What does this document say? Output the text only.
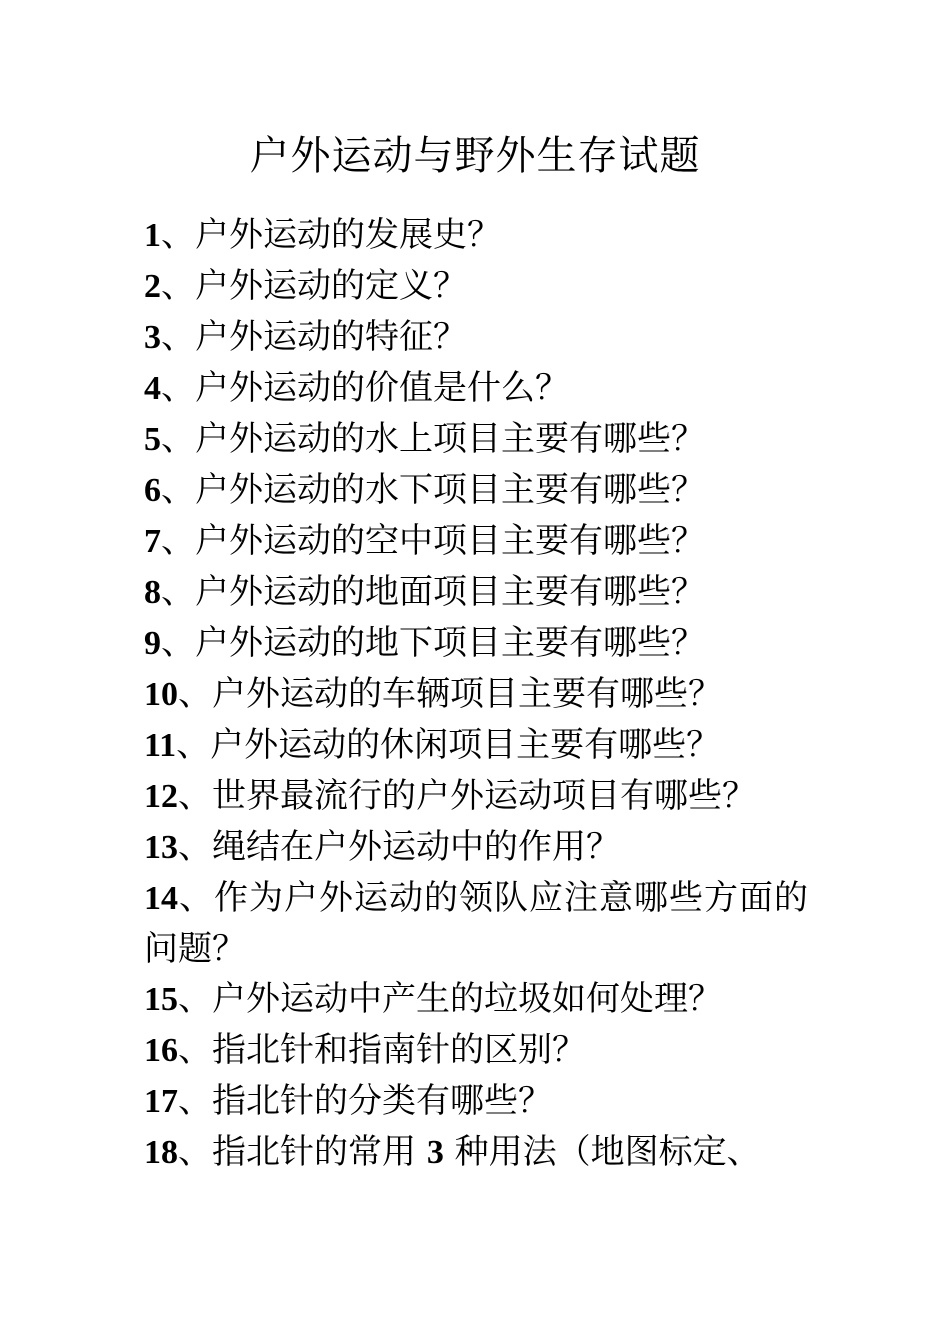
户外运动与野外生存试题
1、户外运动的发展史？
2、户外运动的定义？
3、户外运动的特征？
4、户外运动的价值是什么？
5、户外运动的水上项目主要有哪些？
6、户外运动的水下项目主要有哪些？
7、户外运动的空中项目主要有哪些？
8、户外运动的地面项目主要有哪些？
9、户外运动的地下项目主要有哪些？
10、户外运动的车辆项目主要有哪些？
11、户外运动的休闲项目主要有哪些？
12、世界最流行的户外运动项目有哪些？
13、绳结在户外运动中的作用？
14、作为户外运动的领队应注意哪些方面的问题？
15、户外运动中产生的垃圾如何处理？
16、指北针和指南针的区别？
17、指北针的分类有哪些？
18、指北针的常用 3 种用法（地图标定、
